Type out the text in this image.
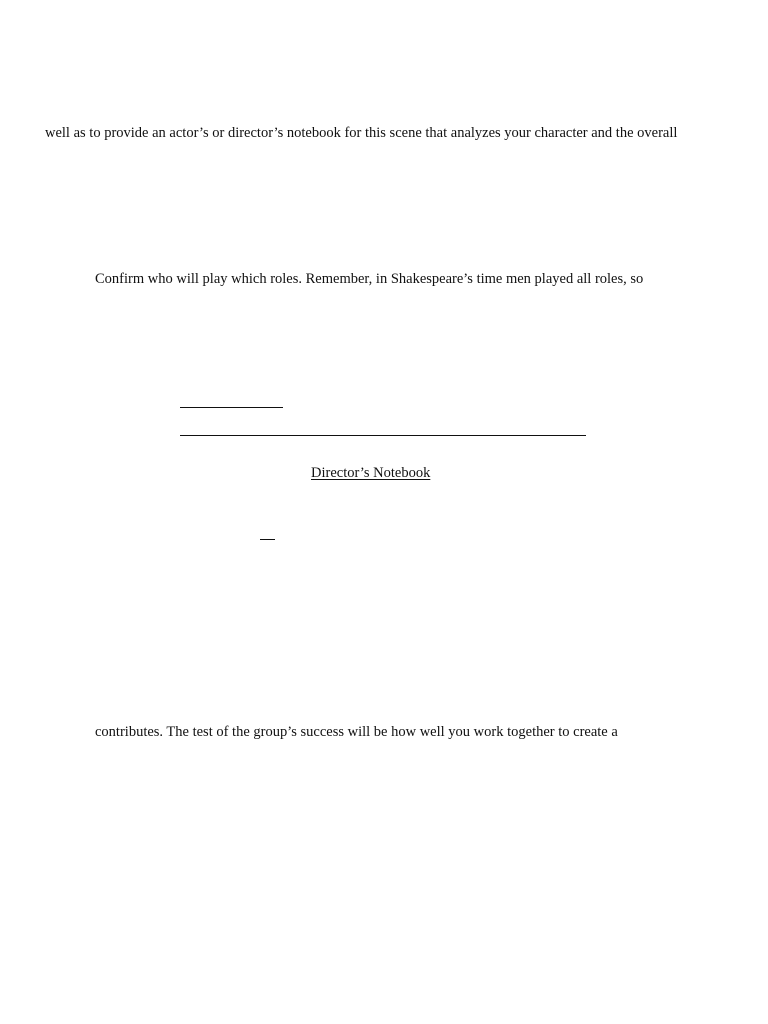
well as to provide an actor’s or director’s notebook for this scene that analyzes your character and the overall
Confirm who will play which roles. Remember, in Shakespeare’s time men played all roles, so
Director’s Notebook
contributes. The test of the group’s success will be how well you work together to create a
